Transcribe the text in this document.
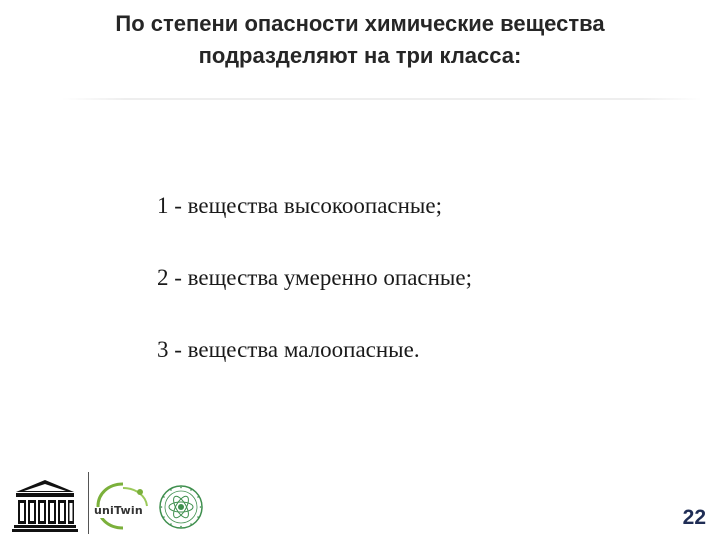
По степени опасности химические вещества
подразделяют на три класса:
1 - вещества высокоопасные;
2 - вещества умеренно опасные;
3 - вещества малоопасные.
uniTwin	22
